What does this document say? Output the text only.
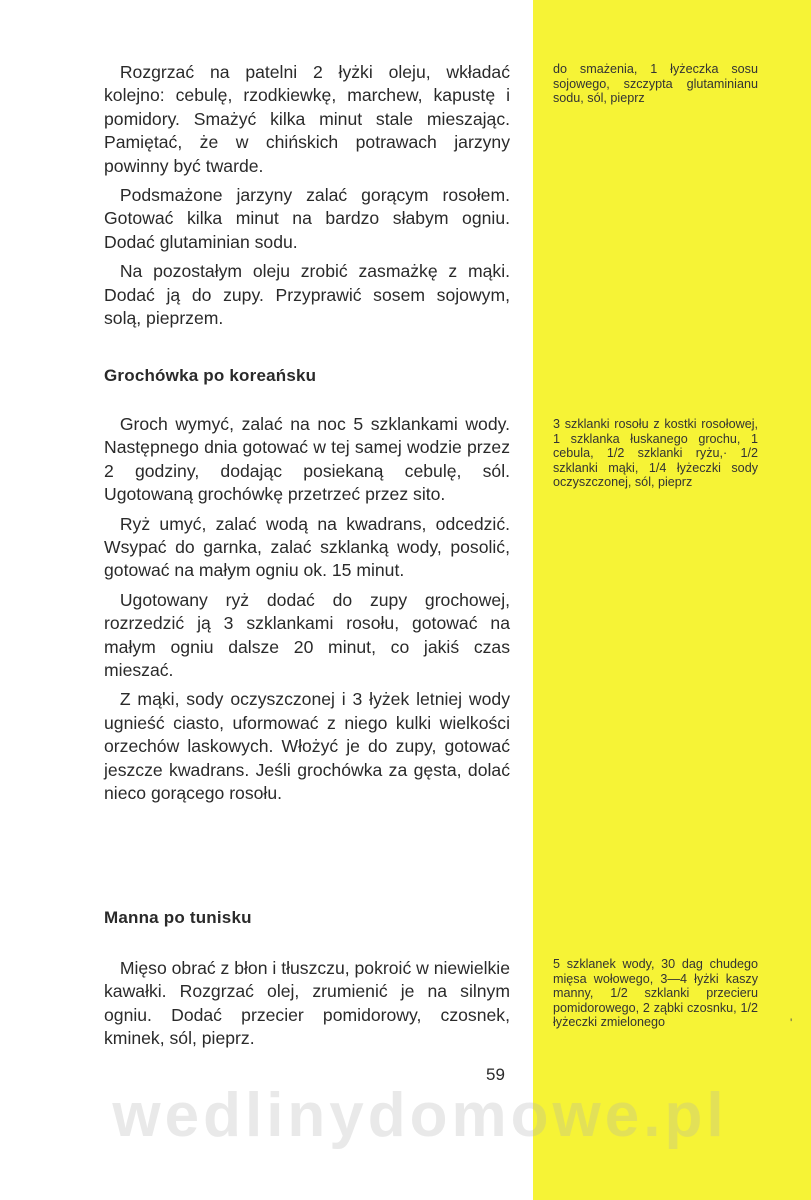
Rozgrzać na patelni 2 łyżki oleju, wkładać kolejno: cebulę, rzodkiewkę, marchew, kapustę i pomidory. Smażyć kilka minut stale mieszając. Pamiętać, że w chińskich potrawach jarzyny powinny być twarde.

Podsmażone jarzyny zalać gorącym rosołem. Gotować kilka minut na bardzo słabym ogniu. Dodać glutaminian sodu.

Na pozostałym oleju zrobić zasmażkę z mąki. Dodać ją do zupy. Przyprawić sosem sojowym, solą, pieprzem.

do smażenia, 1 łyżeczka sosu sojowego, szczypta glutaminianu sodu, sól, pieprz

Grochówka po koreańsku

Groch wymyć, zalać na noc 5 szklankami wody. Następnego dnia gotować w tej samej wodzie przez 2 godziny, dodając posiekaną cebulę, sól. Ugotowaną grochówkę przetrzeć przez sito.

Ryż umyć, zalać wodą na kwadrans, odcedzić. Wsypać do garnka, zalać szklanką wody, posolić, gotować na małym ogniu ok. 15 minut.

Ugotowany ryż dodać do zupy grochowej, rozrzedzić ją 3 szklankami rosołu, gotować na małym ogniu dalsze 20 minut, co jakiś czas mieszać.

Z mąki, sody oczyszczonej i 3 łyżek letniej wody ugnieść ciasto, uformować z niego kulki wielkości orzechów laskowych. Włożyć je do zupy, gotować jeszcze kwadrans. Jeśli grochówka za gęsta, dolać nieco gorącego rosołu.

3 szklanki rosołu z kostki rosołowej, 1 szklanka łuskanego grochu, 1 cebula, 1/2 szklanki ryżu,· 1/2 szklanki mąki, 1/4 łyżeczki sody oczyszczonej, sól, pieprz

Manna po tunisku

Mięso obrać z błon i tłuszczu, pokroić w niewielkie kawałki. Rozgrzać olej, zrumienić je na silnym ogniu. Dodać przecier pomidorowy, czosnek, kminek, sól, pieprz.

5 szklanek wody, 30 dag chudego mięsa wołowego, 3—4 łyżki kaszy manny, 1/2 szklanki przecieru pomidorowego, 2 ząbki czosnku, 1/2 łyżeczki zmielonego	'
59
wedlinydomowe.pl
